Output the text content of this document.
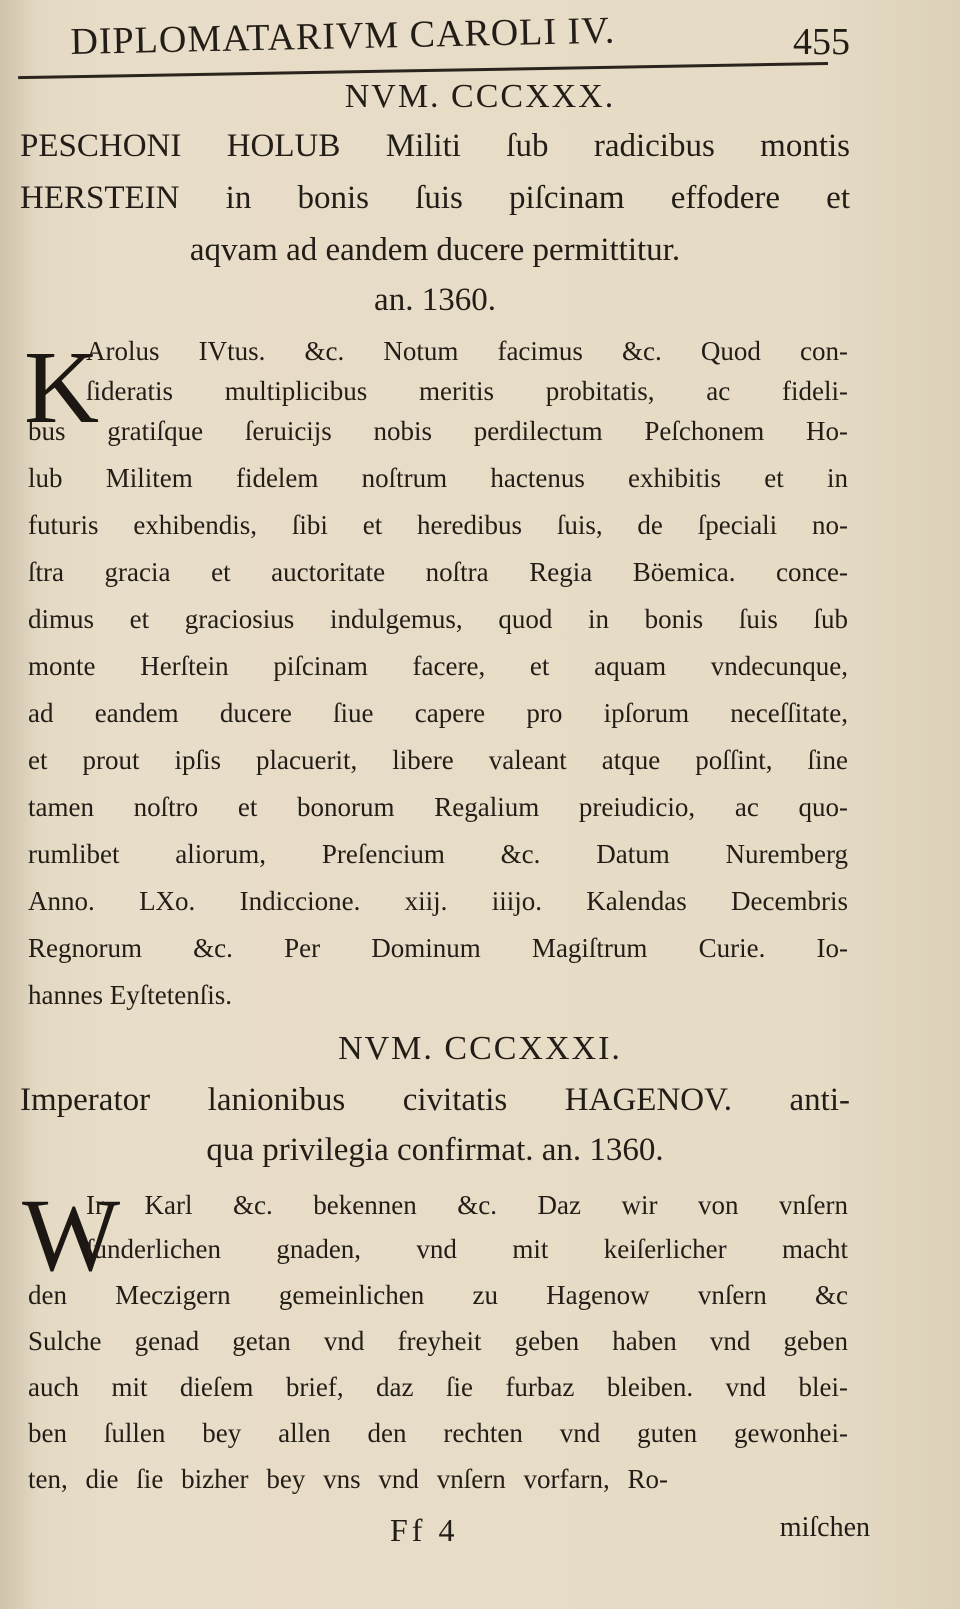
DIPLOMATARIVM CAROLI IV.	455
NVM. CCCXXX.
PESCHONI HOLUB Militi ſub radicibus montis
HERSTEIN in bonis ſuis piſcinam effodere et
aqvam ad eandem ducere permittitur.
an. 1360.
K
Arolus IVtus. &c. Notum facimus &c. Quod con-
ſideratis multiplicibus meritis probitatis, ac fideli-
bus gratiſque ſeruicijs nobis perdilectum Peſchonem Ho-
lub Militem fidelem noſtrum hactenus exhibitis et in
futuris exhibendis, ſibi et heredibus ſuis, de ſpeciali no-
ſtra gracia et auctoritate noſtra Regia Böemica. conce-
dimus et graciosius indulgemus, quod in bonis ſuis ſub
monte Herſtein piſcinam facere, et aquam vndecunque,
ad eandem ducere ſiue capere pro ipſorum neceſſitate,
et prout ipſis placuerit, libere valeant atque poſſint, ſine
tamen noſtro et bonorum Regalium preiudicio, ac quo-
rumlibet aliorum, Preſencium &c. Datum Nuremberg
Anno. LXo. Indiccione. xiij. iiijo. Kalendas Decembris
Regnorum &c. Per Dominum Magiſtrum Curie. Io-
hannes Eyſtetenſis.
NVM. CCCXXXI.
Imperator lanionibus civitatis HAGENOV. anti-
qua privilegia confirmat. an. 1360.
W
Ir Karl &c. bekennen &c. Daz wir von vnſern
ſunderlichen gnaden, vnd mit keiſerlicher macht
den Meczigern gemeinlichen zu Hagenow vnſern &c
Sulche genad getan vnd freyheit geben haben vnd geben
auch mit dieſem brief, daz ſie furbaz bleiben. vnd blei-
ben ſullen bey allen den rechten vnd guten gewonhei-
ten, die ſie bizher bey vns vnd vnſern vorfarn, Ro-
Ff 4	miſchen
